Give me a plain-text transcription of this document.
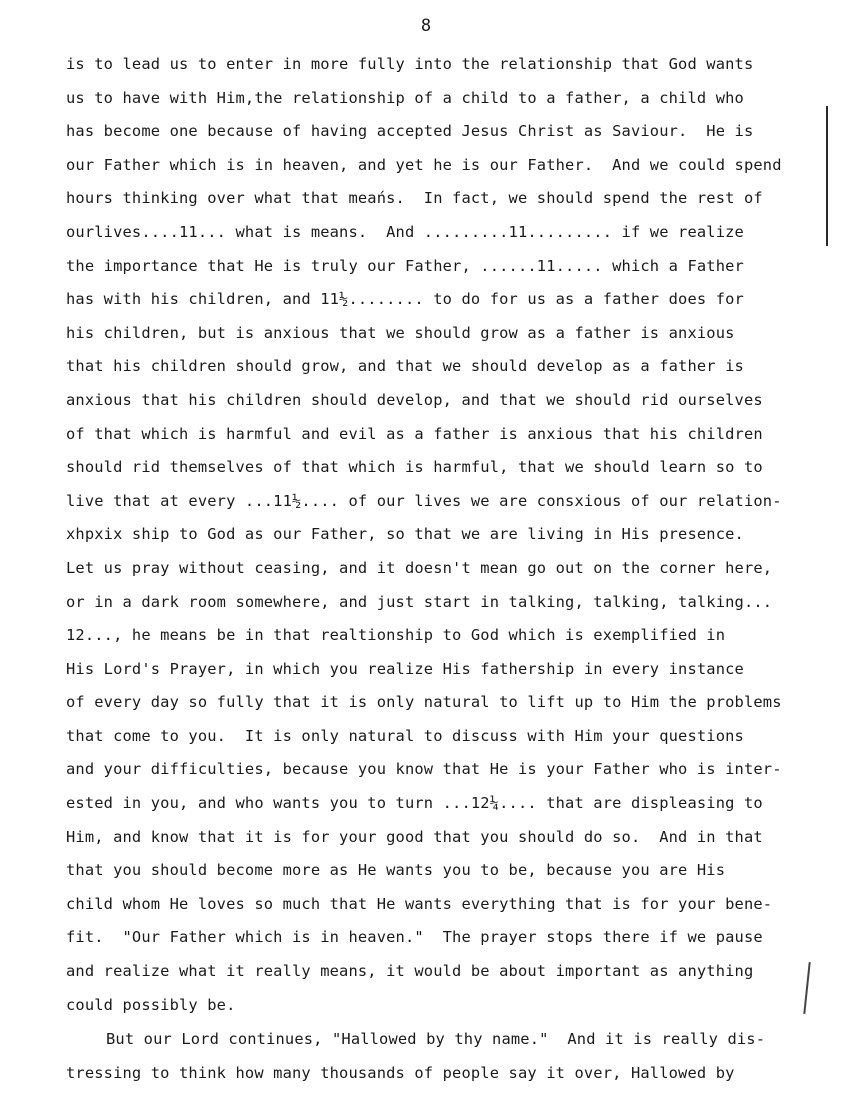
8
is to lead us to enter in more fully into the relationship that God wants
us to have with Him,the relationship of a child to a father, a child who
has become one because of having accepted Jesus Christ as Saviour.  He is
our Father which is in heaven, and yet he is our Father.  And we could spend
hours thinking over what that meańs.  In fact, we should spend the rest of
ourlives....11... what is means.  And .........11......... if we realize
the importance that He is truly our Father, ......11..... which a Father
has with his children, and 11½........ to do for us as a father does for
his children, but is anxious that we should grow as a father is anxious
that his children should grow, and that we should develop as a father is
anxious that his children should develop, and that we should rid ourselves
of that which is harmful and evil as a father is anxious that his children
should rid themselves of that which is harmful, that we should learn so to
live that at every ...11½.... of our lives we are consxious of our relation-
xhpxix ship to God as our Father, so that we are living in His presence.
Let us pray without ceasing, and it doesn't mean go out on the corner here,
or in a dark room somewhere, and just start in talking, talking, talking...
12..., he means be in that realtionship to God which is exemplified in
His Lord's Prayer, in which you realize His fathership in every instance
of every day so fully that it is only natural to lift up to Him the problems
that come to you.  It is only natural to discuss with Him your questions
and your difficulties, because you know that He is your Father who is inter-
ested in you, and who wants you to turn ...12¼.... that are displeasing to
Him, and know that it is for your good that you should do so.  And in that
that you should become more as He wants you to be, because you are His
child whom He loves so much that He wants everything that is for your bene-
fit.  "Our Father which is in heaven."  The prayer stops there if we pause
and realize what it really means, it would be about important as anything
could possibly be.
But our Lord continues, "Hallowed by thy name."  And it is really dis-
tressing to think how many thousands of people say it over, Hallowed by
